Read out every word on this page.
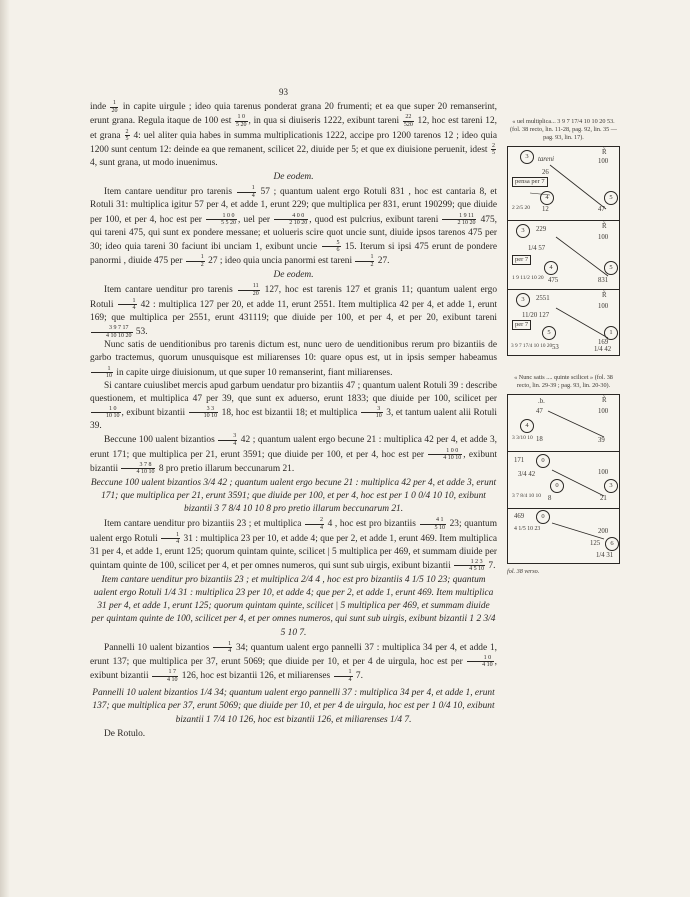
93

inde $\frac{1}{20}$ in capite uirgule ; ideo quia tarenus ponderat grana 20 frumenti; et ea que super 20 remanserint, erunt grana. Regula itaque de 100 est $\frac{1 0}{5 20}$ , in qua si diuiseris 1222, exibunt tareni $\frac{22}{520} 12$, hoc est tareni 12, et grana $\frac{2}{5} 4$: uel aliter quia habes in summa multiplicationis 1222, accipe pro 1200 tarenos 12 ; ideo quia 1200 sunt centum 12: deinde ea que remanent, scilicet 22, diuide per 5; et que ex diuisione peruenit, idest $\frac{2}{5}$
4, sunt grana, ut modo inuenimus.

De eodem.

Item cantare uenditur pro tarenis $\frac{1}{4} 57$ ; quantum ualent ergo Rotuli 831 , hoc est cantaria 8, et Rotuli 31: multiplica igitur 57 per 4, et adde 1, erunt 229; que multiplica per 831, erunt 190299; que diuide per 100, et per 4, hoc est per $\frac{1 0 0}{5 5 20}$ , uel per $\frac{4 0 0}{2 10 20}$ , quod est pulcrius, exibunt tareni $\frac{1 9 11}{2 10 20} 475$, qui tareni 475, qui sunt ex pondere messane; et uolueris scire quot uncie sunt, diuide ipsos tarenos 475 per 30; ideo quia tareni 30 faciunt ibi unciam 1, exibunt uncie $\frac{5}{6} 15$. Iterum si ipsi 475 erunt de pondere panormi , diuide 475 per $\frac{1}{2} 27$ ; ideo quia uncia panormi est tareni $\frac{1}{2} 27$.

De eodem.

Item cantare uenditur pro tarenis $\frac{11}{20} 127$, hoc est tarenis 127 et granis 11; quantum ualent ergo Rotuli $\frac{1}{4} 42$ : multiplica 127 per 20, et adde 11, erunt 2551. Item multiplica 42 per 4, et adde 1, erunt 169; que multiplica per 2551, erunt 431119; que diuide per 100, et per 4, et per 20, exibunt tareni
$\frac{3 9 7 17}{4 10 10 20} 53$.

Nunc satis de uenditionibus pro tarenis dictum est, nunc uero de uenditionibus rerum pro bizantiis de garbo tractemus, quorum unusquisque est miliarenses 10: quare opus est, ut in ipsis semper habeamus
$\frac{1}{10}$ in capite uirge diuisionum, ut que super 10 remanserint, fiant miliarenses.

Si cantare cuiuslibet mercis apud garbum uendatur pro bizantiis 47 ; quantum ualent Rotuli 39 : describe questionem, et multiplica 47 per 39, que sunt ex aduerso, erunt 1833; que diuide per 100, scilicet per
$\frac{1 0}{10 10}$ , exibunt bizantii $\frac{3 3}{10 10} 18$, hoc est bizantii 18; et multiplica $\frac{3}{10} 3$, et tantum ualent alii Rotuli 39.

Beccune 100 ualent bizantios $\frac{3}{4} 42$ ; quantum ualent ergo becune 21 : multiplica 42 per 4, et adde 3, erunt 171; que multiplica per 21, erunt 3591; que diuide per 100, et per 4, hoc est per $\frac{1 0 0}{4 10 10}$ , exibunt bizantii $\frac{3 7 8}{4 10 10} 8$ pro pretio illarum beccunarum 21.

Beccune 100 ualent bizantios 3/4 42 ; quantum ualent ergo becune 21 : multiplica 42 per 4, et adde 3, erunt 171; que multiplica per 21, erunt 3591; que diuide per 100, et per 4, hoc est per 1 0 0/4 10 10, exibunt bizantii 3 7 8/4 10 10 8 pro pretio illarum beccunarum 21.

Item cantare uenditur pro bizantiis 23 ; et multiplica $\frac{2}{4} 4$ , hoc est pro bizantiis $\frac{4 1}{5 10} 23$; quantum ualent ergo Rotuli $\frac{1}{4} 31$ : multiplica 23 per 10, et adde 4; que per 2, et adde 1, erunt 469. Item multiplica 31 per 4, et adde 1, erunt 125; quorum quintam quinte, scilicet | 5 multiplica per 469, et summam diuide per quintam quinte de 100, scilicet per 4, et per omnes numeros, qui sunt sub uirgis, exibunt bizantii $\frac{1 2 3}{4 5 10} 7$.

Item cantare uenditur pro bizantiis 23 ; et multiplica 2/4 4 , hoc est pro bizantiis 4 1/5 10 23; quantum ualent ergo Rotuli 1/4 31 : multiplica 23 per 10, et adde 4; que per 2, et adde 1, erunt 469. Item multiplica 31 per 4, et adde 1, erunt 125; quorum quintam quinte, scilicet | 5 multiplica per 469, et summam diuide per quintam quinte de 100, scilicet per 4, et per omnes numeros, qui sunt sub uirgis, exibunt bizantii 1 2 3/4 5 10 7.

Pannelli 10 ualent bizantios $\frac{1}{4} 34$; quantum ualent ergo pannelli 37 : multiplica 34 per 4, et adde 1, erunt 137; que multiplica per 37, erunt 5069; que diuide per 10, et per 4 de uirgula, hoc est per $\frac{1 0}{4 10}$ , exibunt bizantii $\frac{1 7}{4 10} 126$, hoc est bizantii 126, et miliarenses $\frac{1}{4} 7$.

Pannelli 10 ualent bizantios 1/4 34; quantum ualent ergo pannelli 37 : multiplica 34 per 4, et adde 1, erunt 137; que multiplica per 37, erunt 5069; que diuide per 10, et per 4 de uirgula, hoc est per 1 0/4 10, exibunt bizantii 1 7/4 10 126, hoc est bizantii 126, et miliarenses 1/4 7.

De Rotulo.

« uel multiplica... 3 9 7 17/4 10 10 20 53. (fol. 38 recto, lin. 11-28, pag. 92, lin. 35 — pag. 93, lin. 17).
3	tareni
R̃
100
26
pensa per 7
4	5
2 2/5 20 12	47
3	229	R̃
100
1/4 57
per 7
4	5
1 9 11/2 10 20 475	831
3	2551	R̃
100
11/20 127
per 7
5	1
169
3 9 7 17/4 10 10 20 53	1/4 42
« Nunc satis .... quinte scilicet » (fol. 38 recto, lin. 29-39 ; pag. 93, lin. 20-30).
.b.	R̃
47	100
4
3 3/10 10 18	39
171	0
3/4 42	100
0	3
3 7 8/4 10 10 8	21
469	0
4 1/5 10 23	200
125	6
1/4 31
fol. 38 verso.
